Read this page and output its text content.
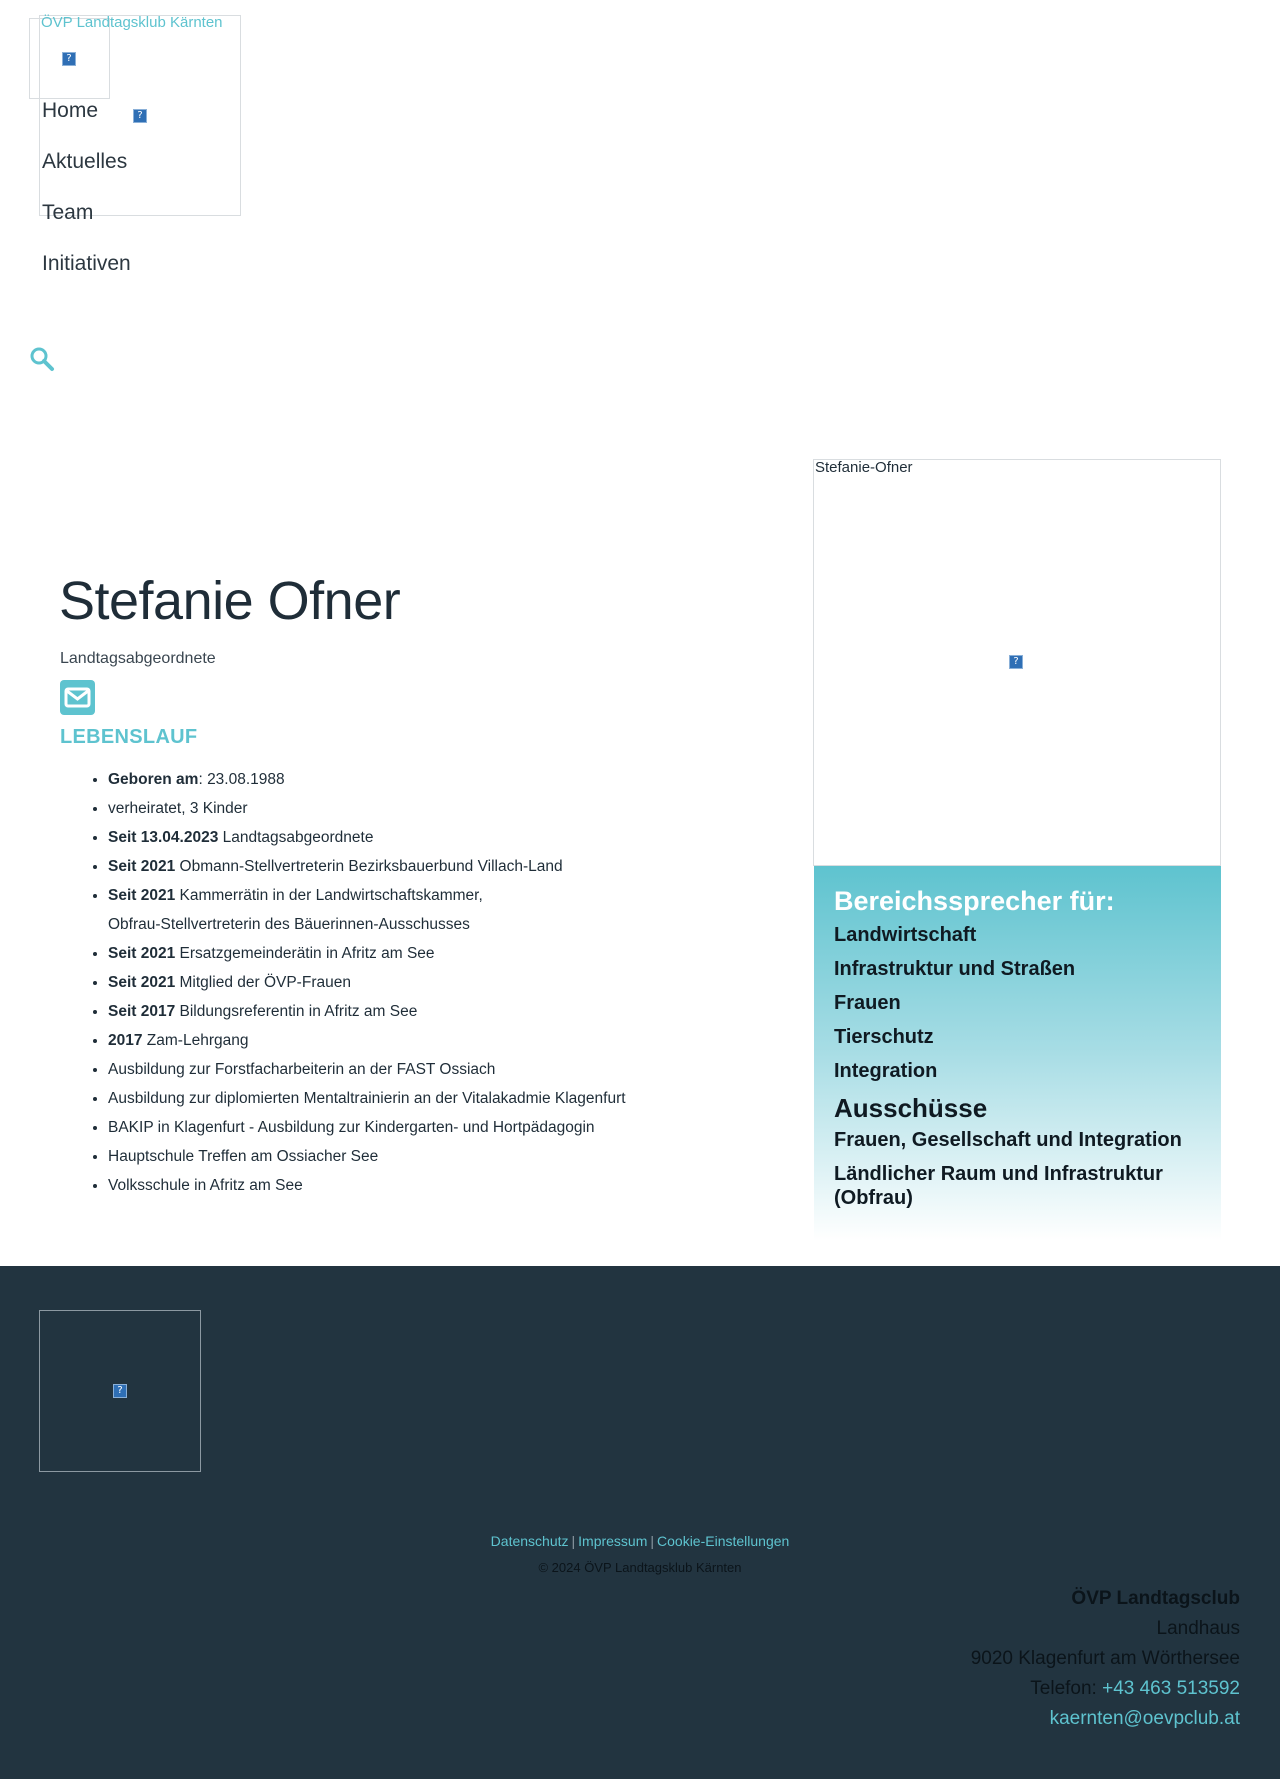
?
?
ÖVP Landtagsklub Kärnten
Home
Aktuelles
Team
Initiativen
Stefanie Ofner
Landtagsabgeordnete
LEBENSLAUF
• Geboren am: 23.08.1988
• verheiratet, 3 Kinder
• Seit 13.04.2023 Landtagsabgeordnete
• Seit 2021 Obmann-Stellvertreterin Bezirksbauerbund Villach-Land
• Seit 2021 Kammerrätin in der Landwirtschaftskammer, Obfrau-Stellvertreterin des Bäuerinnen-Ausschusses
• Seit 2021 Ersatzgemeinderätin in Afritz am See
• Seit 2021 Mitglied der ÖVP-Frauen
• Seit 2017 Bildungsreferentin in Afritz am See
• 2017 Zam-Lehrgang
• Ausbildung zur Forstfacharbeiterin an der FAST Ossiach
• Ausbildung zur diplomierten Mentaltrainierin an der Vitalakadmie Klagenfurt
• BAKIP in Klagenfurt - Ausbildung zur Kindergarten- und Hortpädagogin
• Hauptschule Treffen am Ossiacher See
• Volksschule in Afritz am See
?
Stefanie-Ofner
Bereichssprecher für:
Landwirtschaft
Infrastruktur und Straßen
Frauen
Tierschutz
Integration
Ausschüsse
Frauen, Gesellschaft und Integration
Ländlicher Raum und Infrastruktur (Obfrau)
?
Datenschutz | Impressum | Cookie-Einstellungen
© 2024 ÖVP Landtagsklub Kärnten
ÖVP Landtagsclub
Landhaus
9020 Klagenfurt am Wörthersee
Telefon: +43 463 513592
kaernten@oevpclub.at
